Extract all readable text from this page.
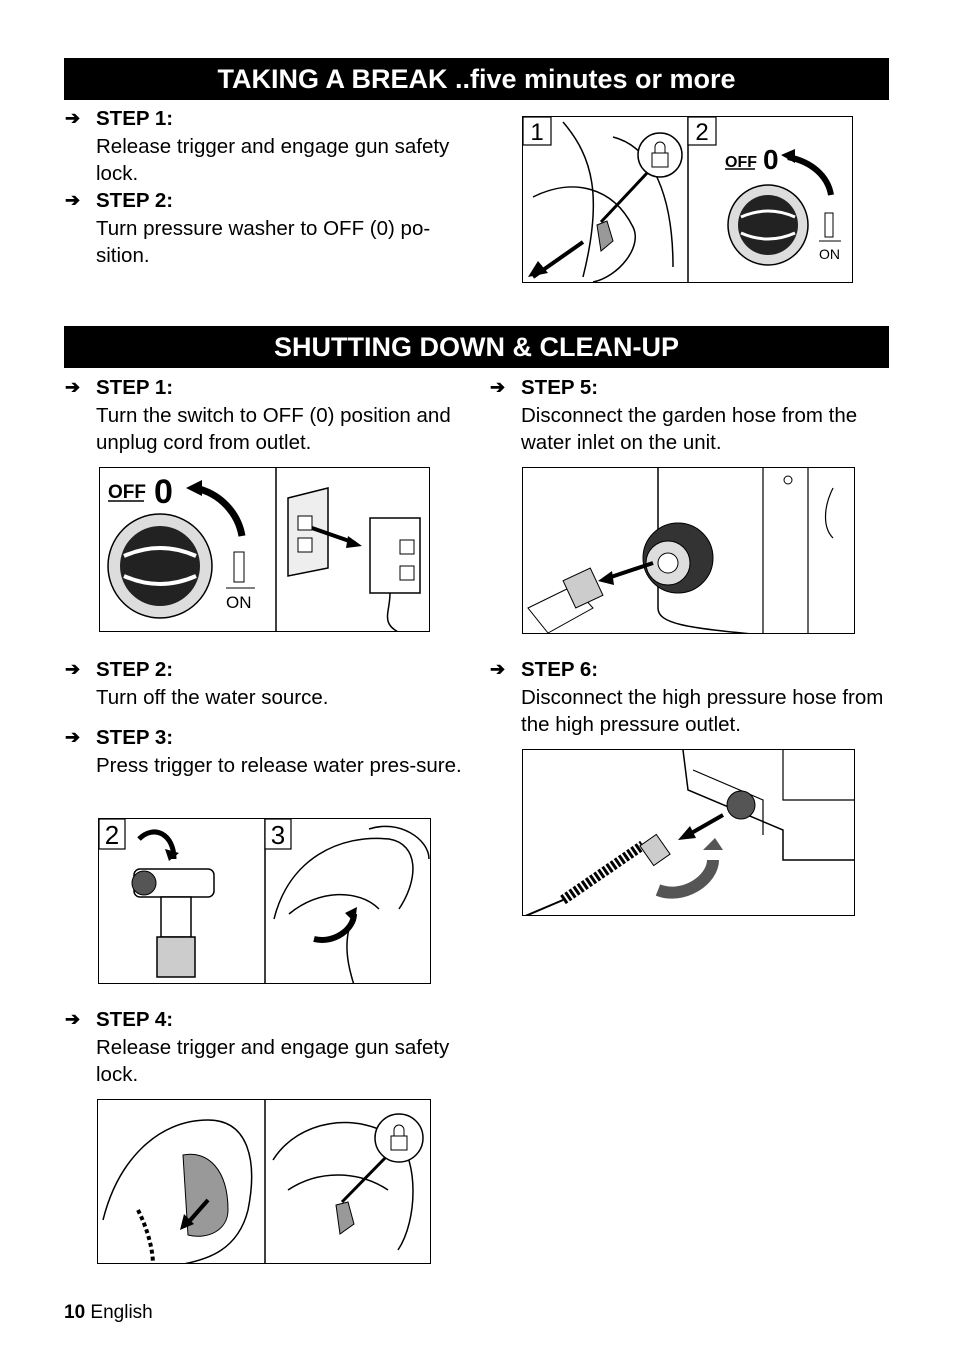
TAKING A BREAK ..five minutes or more
➔ STEP 1:
Release trigger and engage gun safety lock.
➔ STEP 2:
Turn pressure washer to OFF (0) po-sition.
1	2
OFF 0
ON
SHUTTING DOWN & CLEAN-UP
➔ STEP 1:
Turn the switch to OFF (0) position and unplug cord from outlet.
OFF 0
ON
➔ STEP 2:
Turn off the water source.
➔ STEP 3:
Press trigger to release water pres-sure.
2	3
➔ STEP 4:
Release trigger and engage gun safety lock.
➔ STEP 5:
Disconnect the garden hose from the water inlet on the unit.
➔ STEP 6:
Disconnect the high pressure hose from the high pressure outlet.
10 English
